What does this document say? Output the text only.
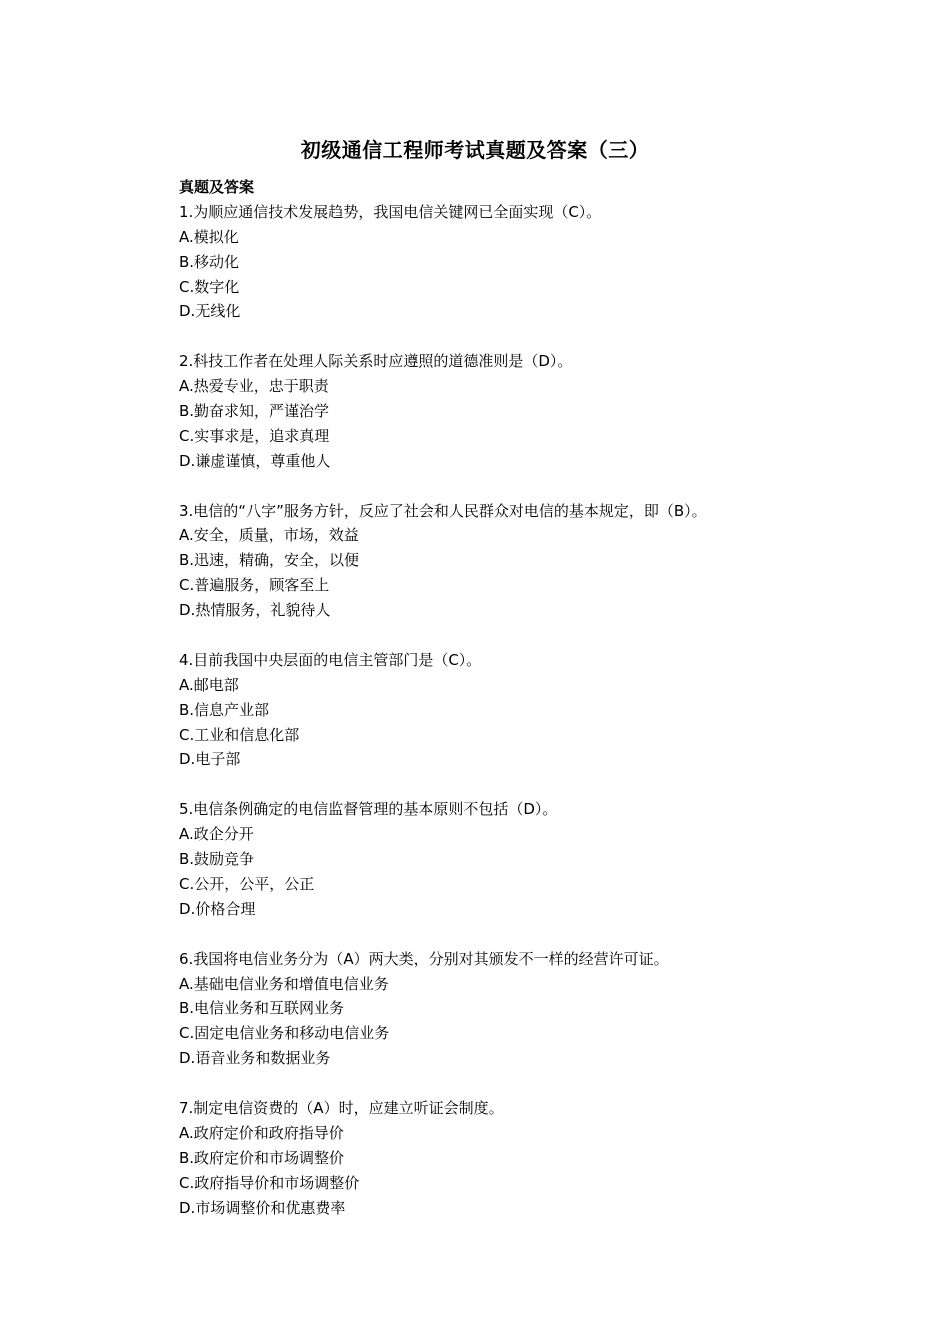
初级通信工程师考试真题及答案（三）
真题及答案
1.为顺应通信技术发展趋势，我国电信关键网已全面实现（C）。
A.模拟化
B.移动化
C.数字化
D.无线化
2.科技工作者在处理人际关系时应遵照的道德准则是（D）。
A.热爱专业，忠于职责
B.勤奋求知，严谨治学
C.实事求是，追求真理
D.谦虚谨慎，尊重他人
3.电信的“八字”服务方针，反应了社会和人民群众对电信的基本规定，即（B）。
A.安全，质量，市场，效益
B.迅速，精确，安全，以便
C.普遍服务，顾客至上
D.热情服务，礼貌待人
4.目前我国中央层面的电信主管部门是（C）。
A.邮电部
B.信息产业部
C.工业和信息化部
D.电子部
5.电信条例确定的电信监督管理的基本原则不包括（D）。
A.政企分开
B.鼓励竞争
C.公开，公平，公正
D.价格合理
6.我国将电信业务分为（A）两大类，分别对其颁发不一样的经营许可证。
A.基础电信业务和增值电信业务
B.电信业务和互联网业务
C.固定电信业务和移动电信业务
D.语音业务和数据业务
7.制定电信资费的（A）时，应建立听证会制度。
A.政府定价和政府指导价
B.政府定价和市场调整价
C.政府指导价和市场调整价
D.市场调整价和优惠费率
